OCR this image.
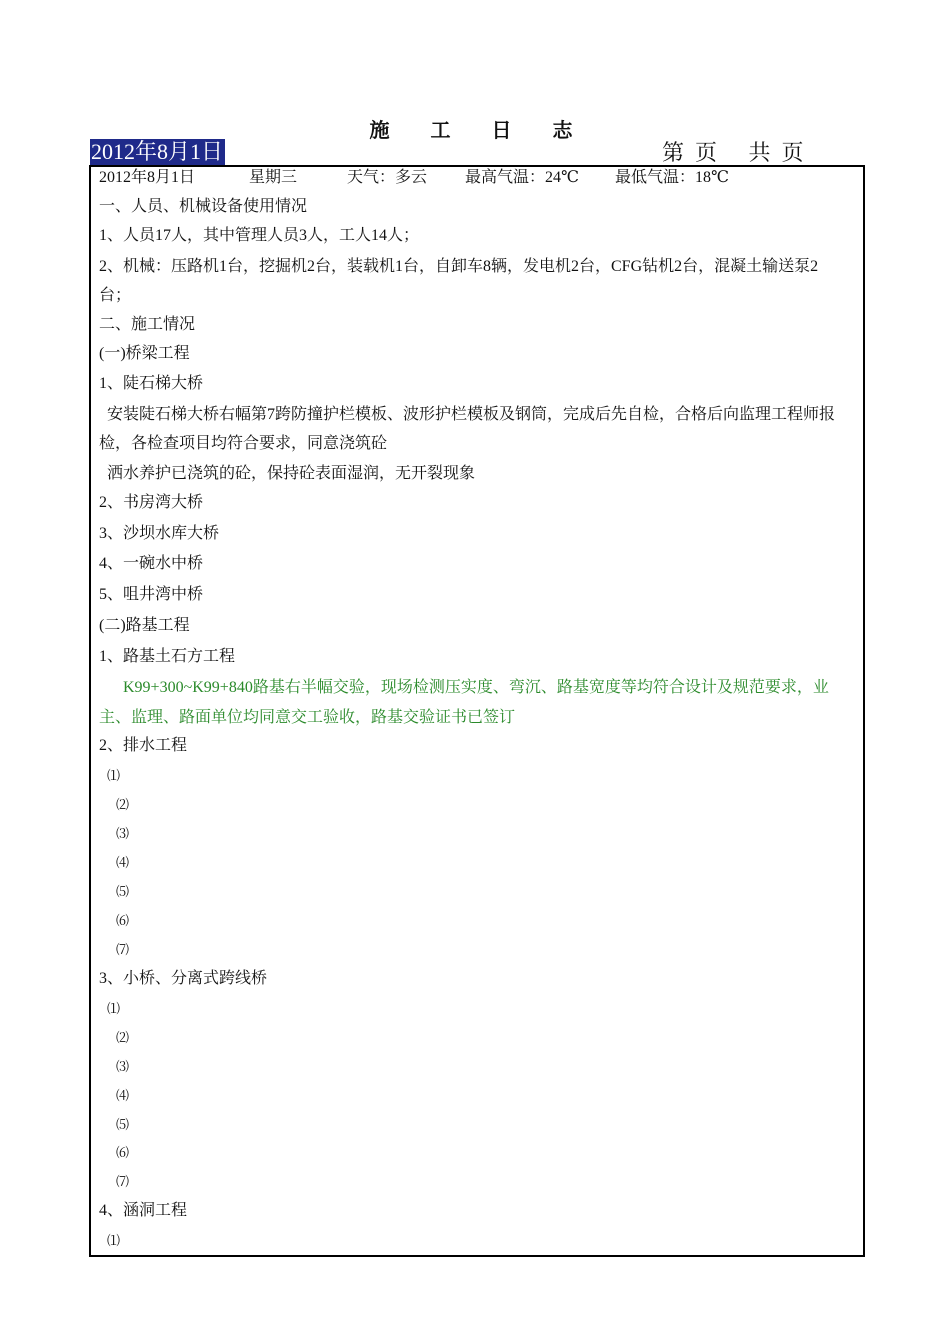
施 工 日 志
2012年8月1日	第  页 共  页
2012年8月1日	星期三	天气：多云 最高气温：24℃ 最低气温：18℃
一、人员、机械设备使用情况
1、人员17人，其中管理人员3人，工人14人；
2、机械：压路机1台，挖掘机2台，装载机1台，自卸车8辆，发电机2台，CFG钻机2台，混凝土输送泵2
台；
二、施工情况
(一)桥梁工程
1、陡石梯大桥
安装陡石梯大桥右幅第7跨防撞护栏模板、波形护栏模板及钢筒，完成后先自检，合格后向监理工程师报
检，各检查项目均符合要求，同意浇筑砼
洒水养护已浇筑的砼，保持砼表面湿润，无开裂现象
2、书房湾大桥
3、沙坝水库大桥
4、一碗水中桥
5、咀井湾中桥
(二)路基工程
1、路基土石方工程
K99+300~K99+840路基右半幅交验，现场检测压实度、弯沉、路基宽度等均符合设计及规范要求，业
主、监理、路面单位均同意交工验收，路基交验证书已签订
2、排水工程
⑴
⑵
⑶
⑷
⑸
⑹
⑺
3、小桥、分离式跨线桥
⑴
⑵
⑶
⑷
⑸
⑹
⑺
4、涵洞工程
⑴
